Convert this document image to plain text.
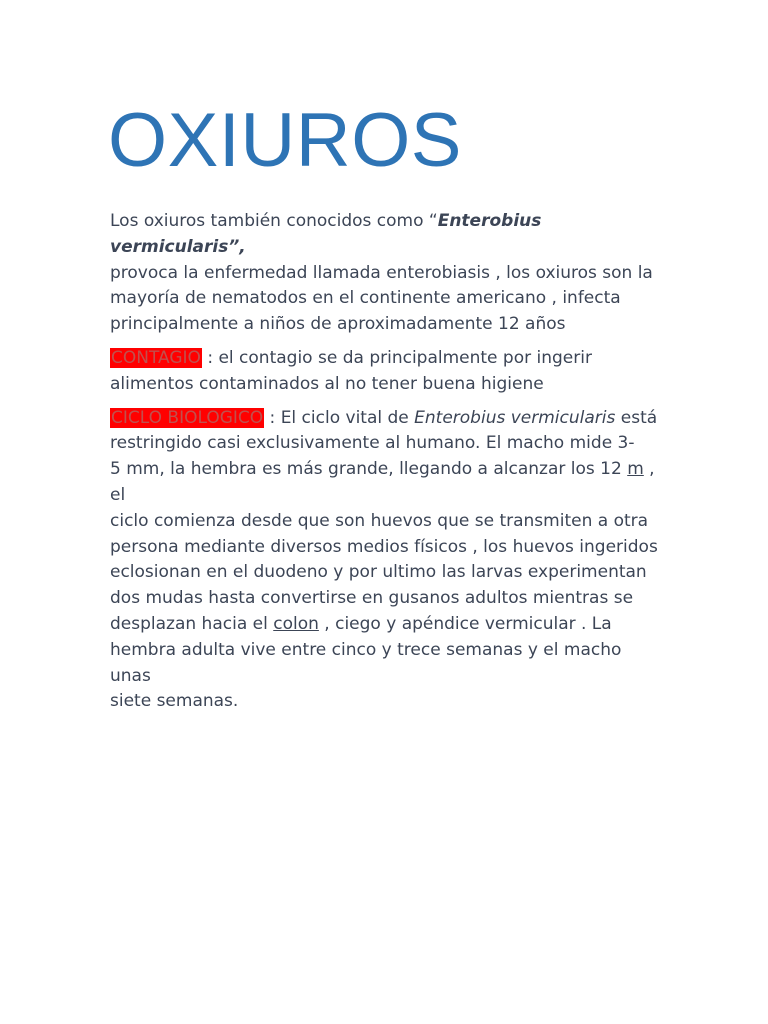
OXIUROS

Los oxiuros también conocidos como “Enterobius vermicularis”,
provoca la enfermedad llamada enterobiasis , los oxiuros son la
mayoría de nematodos en el continente americano , infecta
principalmente a niños de aproximadamente 12 años

CONTAGIO : el contagio se da principalmente por ingerir
alimentos contaminados al no tener buena higiene

CICLO BIOLOGICO : El ciclo vital de Enterobius vermicularis está
restringido casi exclusivamente al humano. El macho mide 3-
5 mm, la hembra es más grande, llegando a alcanzar los 12 m , el
ciclo comienza desde que son huevos que se transmiten a otra
persona mediante diversos medios físicos , los huevos ingeridos
eclosionan en el duodeno y por ultimo las larvas experimentan
dos mudas hasta convertirse en gusanos adultos mientras se
desplazan hacia el colon , ciego y apéndice vermicular . La
hembra adulta vive entre cinco y trece semanas y el macho unas
siete semanas.
